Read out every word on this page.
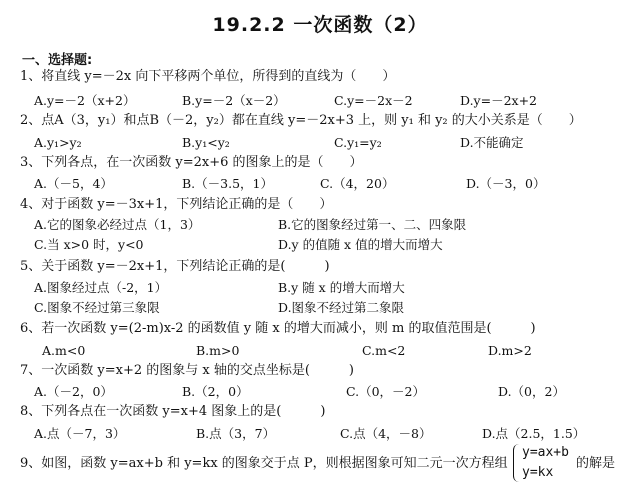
19.2.2 一次函数（2）
一、选择题:
1、将直线 y=－2x 向下平移两个单位，所得到的直线为（　　）
A.y=－2（x+2）	B.y=－2（x－2）	C.y=－2x－2	D.y=－2x+2
2、点A（3，y₁）和点B（－2，y₂）都在直线 y=－2x+3 上，则 y₁ 和 y₂ 的大小关系是（　　）
A.y₁>y₂	B.y₁<y₂	C.y₁=y₂	D.不能确定
3、下列各点，在一次函数 y=2x+6 的图象上的是（　　）
A.（－5，4）	B.（－3.5，1）	C.（4，20）	D.（－3，0）
4、对于函数 y=－3x+1，下列结论正确的是（　　）
A.它的图象必经过点（1，3）	B.它的图象经过第一、二、四象限
C.当 x>0 时，y<0	D.y 的值随 x 值的增大而增大
5、关于函数 y=－2x+1，下列结论正确的是(　　　)
A.图象经过点（-2，1）	B.y 随 x 的增大而增大
C.图象不经过第三象限	D.图象不经过第二象限
6、若一次函数 y=(2-m)x-2 的函数值 y 随 x 的增大而减小，则 m 的取值范围是(　　　)
A.m<0	B.m>0	C.m<2	D.m>2
7、一次函数 y=x+2 的图象与 x 轴的交点坐标是(　　　)
A.（－2，0）	B.（2，0）	C.（0，－2）	D.（0，2）
8、下列各点在一次函数 y=x+4 图象上的是(　　　)
A.点（－7，3）	B.点（3，7）	C.点（4，－8）	D.点（2.5，1.5）
9、如图，函数 y=ax+b 和 y=kx 的图象交于点 P，则根据图象可知二元一次方程组
y=ax+b
y=kx
的解是
